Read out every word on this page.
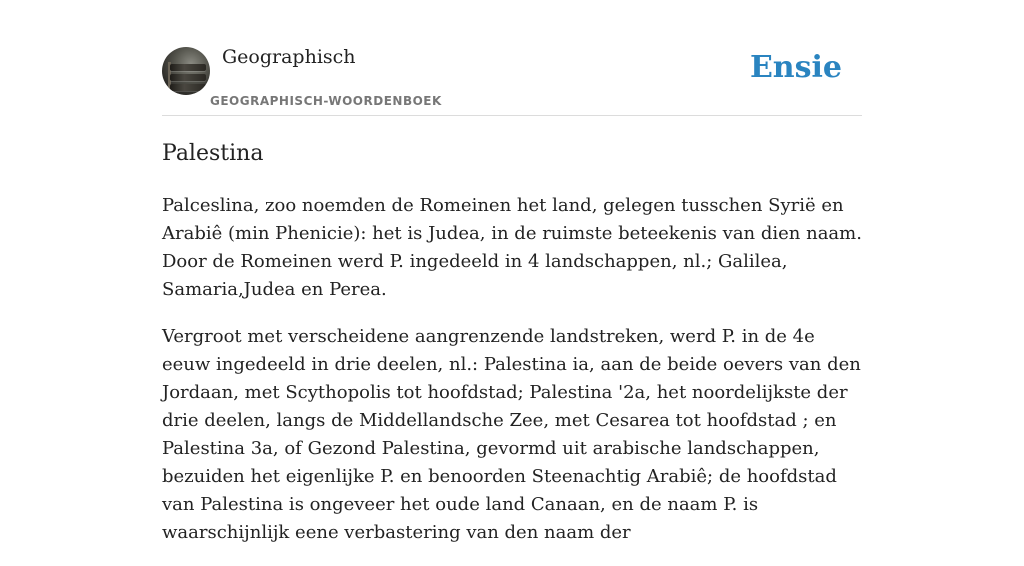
Geographisch
GEOGRAPHISCH-WOORDENBOEK
Ensie
Palestina

Palceslina, zoo noemden de Romeinen het land, gelegen tusschen Syrië en Arabiê (min Phenicie): het is Judea, in de ruimste beteekenis van dien naam. Door de Romeinen werd P. ingedeeld in 4 landschappen, nl.; Galilea, Samaria,Judea en Perea.

Vergroot met verscheidene aangrenzende landstreken, werd P. in de 4e eeuw ingedeeld in drie deelen, nl.: Palestina ia, aan de beide oevers van den Jordaan, met Scythopolis tot hoofdstad; Palestina '2a, het noordelijkste der drie deelen, langs de Middellandsche Zee, met Cesarea tot hoofdstad ; en Palestina 3a, of Gezond Palestina, gevormd uit arabische landschappen, bezuiden het eigenlijke P. en benoorden Steenachtig Arabiê; de hoofdstad van Palestina is ongeveer het oude land Canaan, en de naam P. is waarschijnlijk eene verbastering van den naam der
